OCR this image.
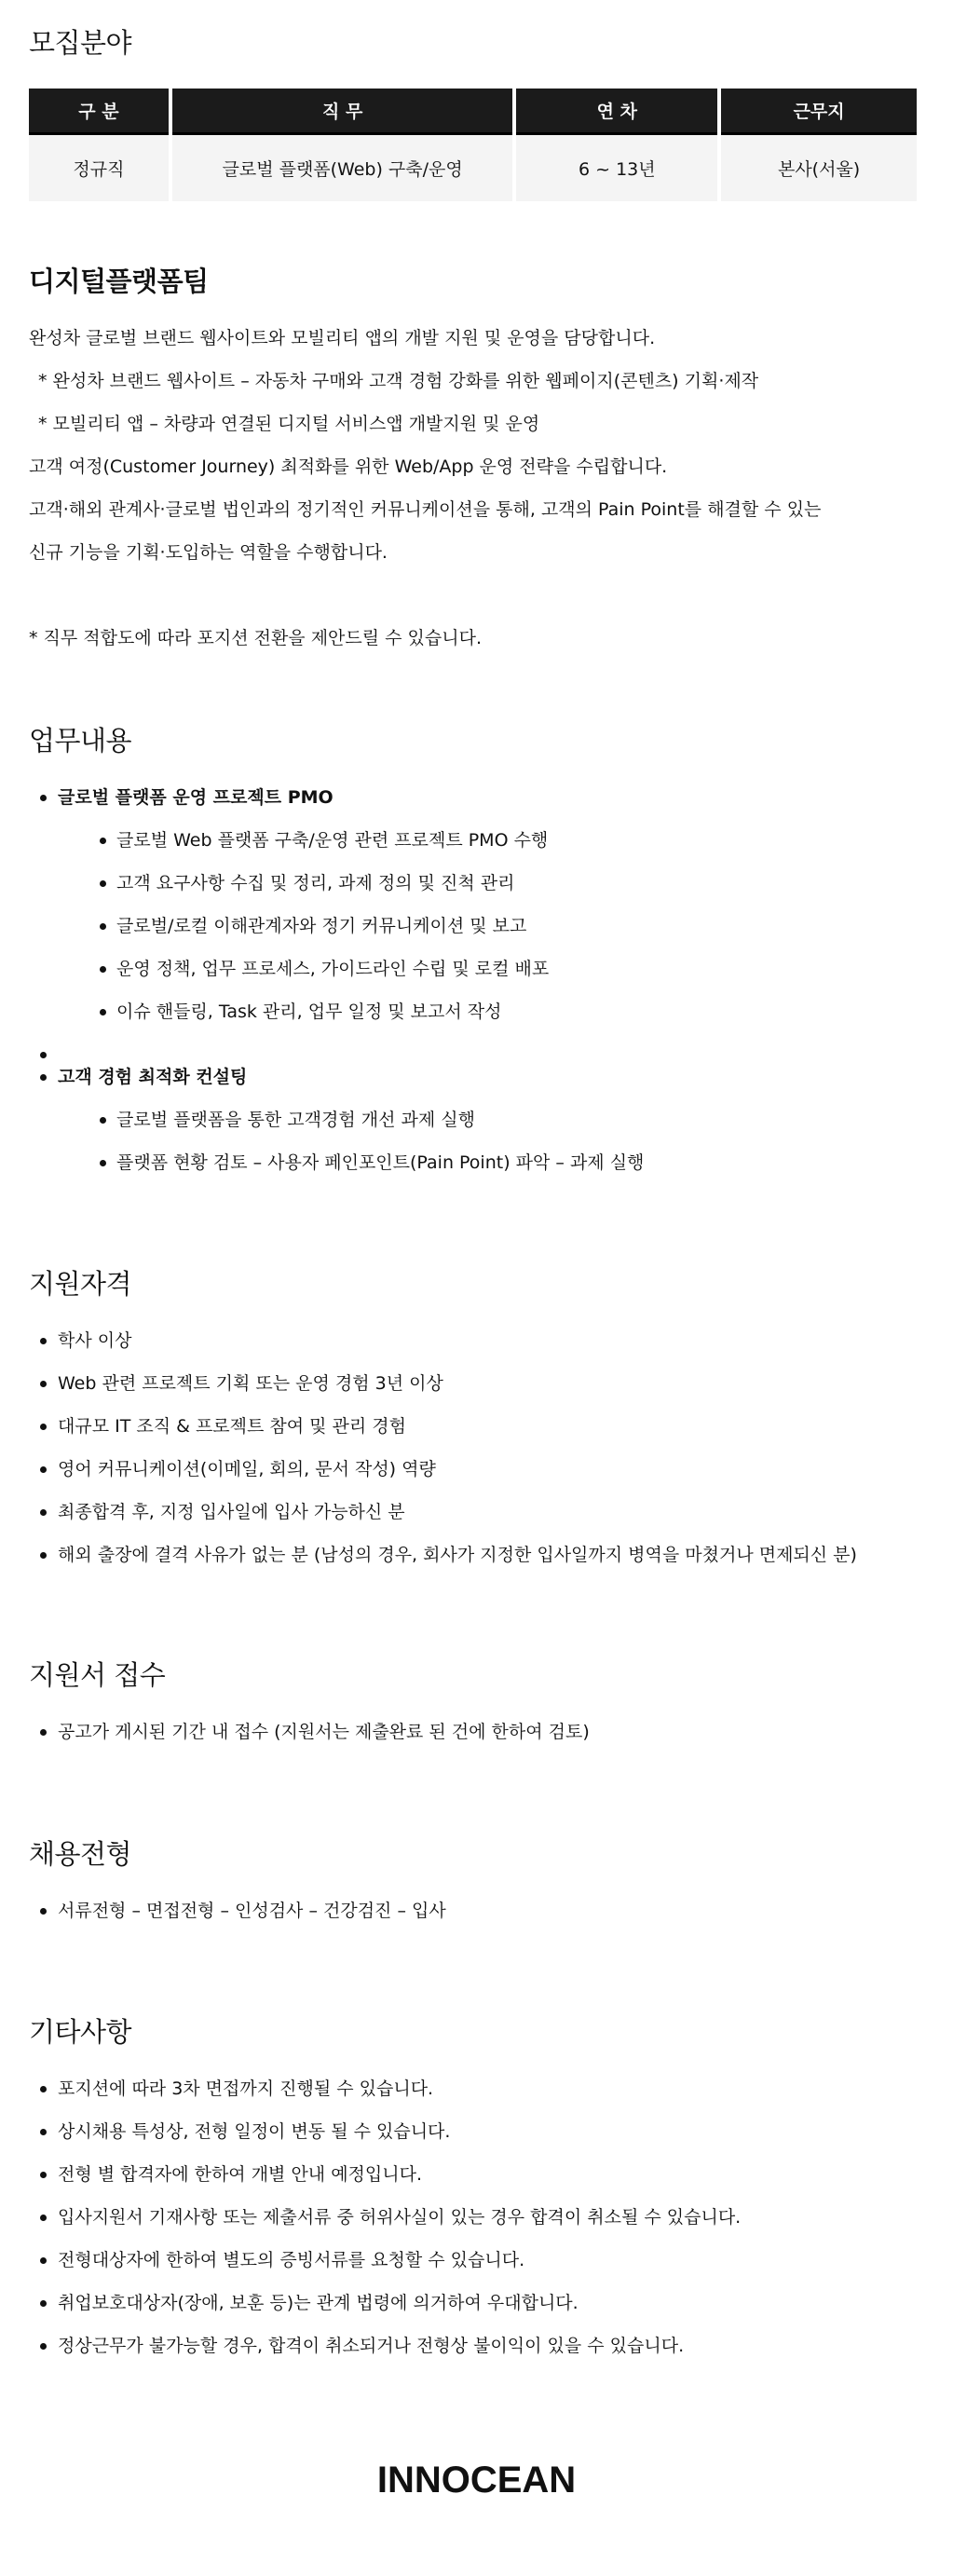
모집분야
구 분	직 무	연 차	근무지
정규직	글로벌 플랫폼(Web) 구축/운영	6 ~ 13년	본사(서울)
디지털플랫폼팀

완성차 글로벌 브랜드 웹사이트와 모빌리티 앱의 개발 지원 및 운영을 담당합니다.

* 완성차 브랜드 웹사이트 – 자동차 구매와 고객 경험 강화를 위한 웹페이지(콘텐츠) 기획·제작

* 모빌리티 앱 – 차량과 연결된 디지털 서비스앱 개발지원 및 운영

고객 여정(Customer Journey) 최적화를 위한 Web/App 운영 전략을 수립합니다.

고객·해외 관계사·글로벌 법인과의 정기적인 커뮤니케이션을 통해, 고객의 Pain Point를 해결할 수 있는

신규 기능을 기획·도입하는 역할을 수행합니다.

* 직무 적합도에 따라 포지션 전환을 제안드릴 수 있습니다.

업무내용
글로벌 플랫폼 운영 프로젝트 PMO
글로벌 Web 플랫폼 구축/운영 관련 프로젝트 PMO 수행
고객 요구사항 수집 및 정리, 과제 정의 및 진척 관리
글로벌/로컬 이해관계자와 정기 커뮤니케이션 및 보고
운영 정책, 업무 프로세스, 가이드라인 수립 및 로컬 배포
이슈 핸들링, Task 관리, 업무 일정 및 보고서 작성
고객 경험 최적화 컨설팅
글로벌 플랫폼을 통한 고객경험 개선 과제 실행
플랫폼 현황 검토 – 사용자 페인포인트(Pain Point) 파악 – 과제 실행
지원자격
학사 이상
Web 관련 프로젝트 기획 또는 운영 경험 3년 이상
대규모 IT 조직 & 프로젝트 참여 및 관리 경험
영어 커뮤니케이션(이메일, 회의, 문서 작성) 역량
최종합격 후, 지정 입사일에 입사 가능하신 분
해외 출장에 결격 사유가 없는 분 (남성의 경우, 회사가 지정한 입사일까지 병역을 마쳤거나 면제되신 분)
지원서 접수
공고가 게시된 기간 내 접수 (지원서는 제출완료 된 건에 한하여 검토)
채용전형
서류전형 – 면접전형 – 인성검사 – 건강검진 – 입사
기타사항
포지션에 따라 3차 면접까지 진행될 수 있습니다.
상시채용 특성상, 전형 일정이 변동 될 수 있습니다.
전형 별 합격자에 한하여 개별 안내 예정입니다.
입사지원서 기재사항 또는 제출서류 중 허위사실이 있는 경우 합격이 취소될 수 있습니다.
전형대상자에 한하여 별도의 증빙서류를 요청할 수 있습니다.
취업보호대상자(장애, 보훈 등)는 관계 법령에 의거하여 우대합니다.
정상근무가 불가능할 경우, 합격이 취소되거나 전형상 불이익이 있을 수 있습니다.
INNOCEAN
